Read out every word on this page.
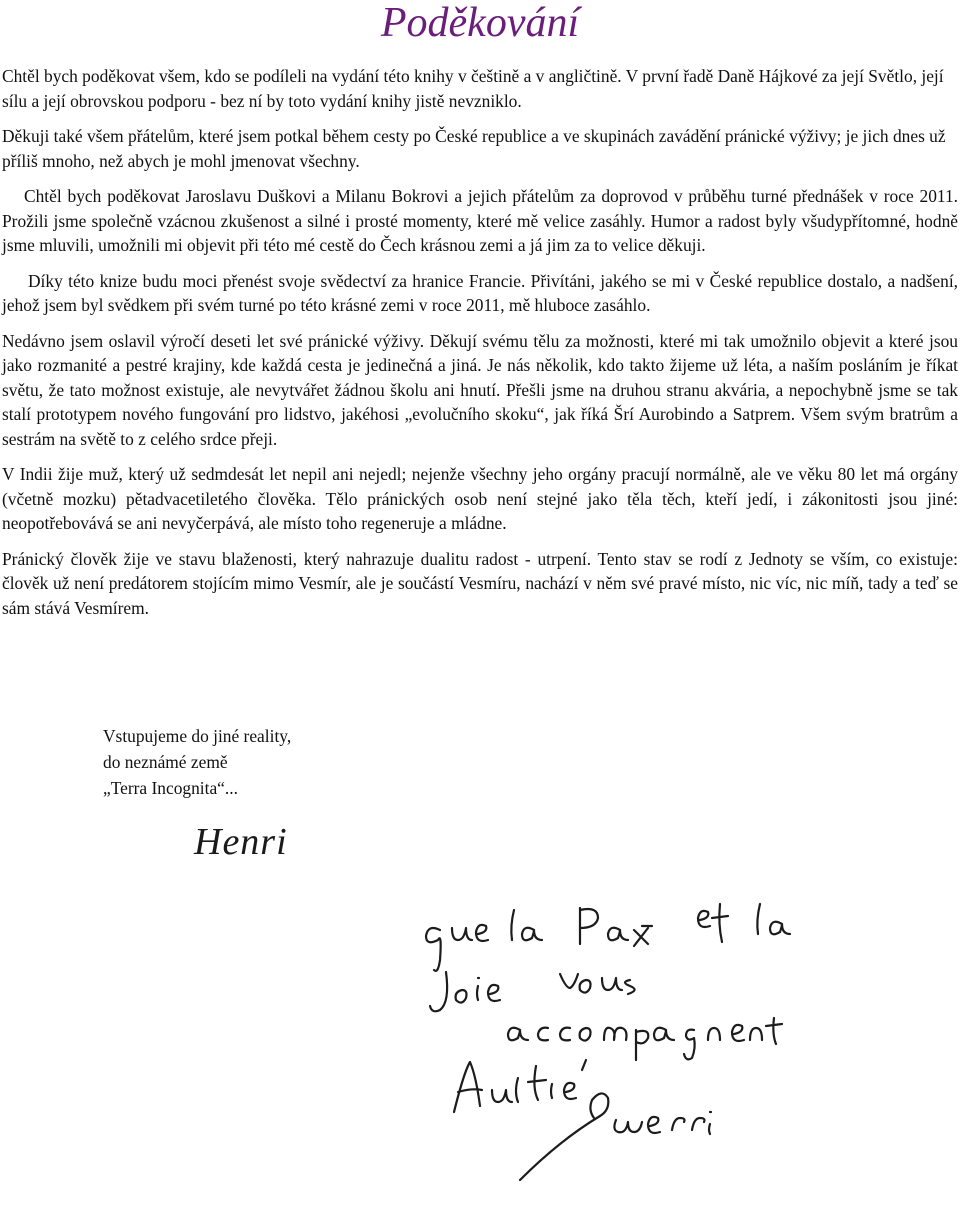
Poděkování

Chtěl bych poděkovat všem, kdo se podíleli na vydání této knihy v češtině a v angličtině. V první řadě Daně Hájkové za její Světlo, její sílu a její obrovskou podporu - bez ní by toto vydání knihy jistě nevzniklo.

Děkuji také všem přátelům, které jsem potkal během cesty po České republice a ve skupinách zavádění pránické výživy; je jich dnes už příliš mnoho, než abych je mohl jmenovat všechny.

Chtěl bych poděkovat Jaroslavu Duškovi a Milanu Bokrovi a jejich přátelům za doprovod v průběhu turné přednášek v roce 2011. Prožili jsme společně vzácnou zkušenost a silné i prosté momenty, které mě velice zasáhly. Humor a radost byly všudypřítomné, hodně jsme mluvili, umožnili mi objevit při této mé cestě do Čech krásnou zemi a já jim za to velice děkuji.

Díky této knize budu moci přenést svoje svědectví za hranice Francie. Přivítáni, jakého se mi v České republice dostalo, a nadšení, jehož jsem byl svědkem při svém turné po této krásné zemi v roce 2011, mě hluboce zasáhlo.

Nedávno jsem oslavil výročí deseti let své pránické výživy. Děkují svému tělu za možnosti, které mi tak umožnilo objevit a které jsou jako rozmanité a pestré krajiny, kde každá cesta je jedinečná a jiná. Je nás několik, kdo takto žijeme už léta, a naším posláním je říkat světu, že tato možnost existuje, ale nevytvářet žádnou školu ani hnutí. Přešli jsme na druhou stranu akvária, a nepochybně jsme se tak stalí prototypem nového fungování pro lidstvo, jakéhosi „evolučního skoku“, jak říká Šrí Aurobindo a Satprem. Všem svým bratrům a sestrám na světě to z celého srdce přeji.

V Indii žije muž, který už sedmdesát let nepil ani nejedl; nejenže všechny jeho orgány pracují normálně, ale ve věku 80 let má orgány (včetně mozku) pětadvacetiletého člověka. Tělo pránických osob není stejné jako těla těch, kteří jedí, i zákonitosti jsou jiné: neopotřebovává se ani nevyčerpává, ale místo toho regeneruje a mládne.

Pránický člověk žije ve stavu blaženosti, který nahrazuje dualitu radost - utrpení. Tento stav se rodí z Jednoty se vším, co existuje: člověk už není predátorem stojícím mimo Vesmír, ale je součástí Vesmíru, nachází v něm své pravé místo, nic víc, nic míň, tady a teď se sám stává Vesmírem.

Vstupujeme do jiné reality,
do neznámé země
„Terra Incognita“...
Henri
